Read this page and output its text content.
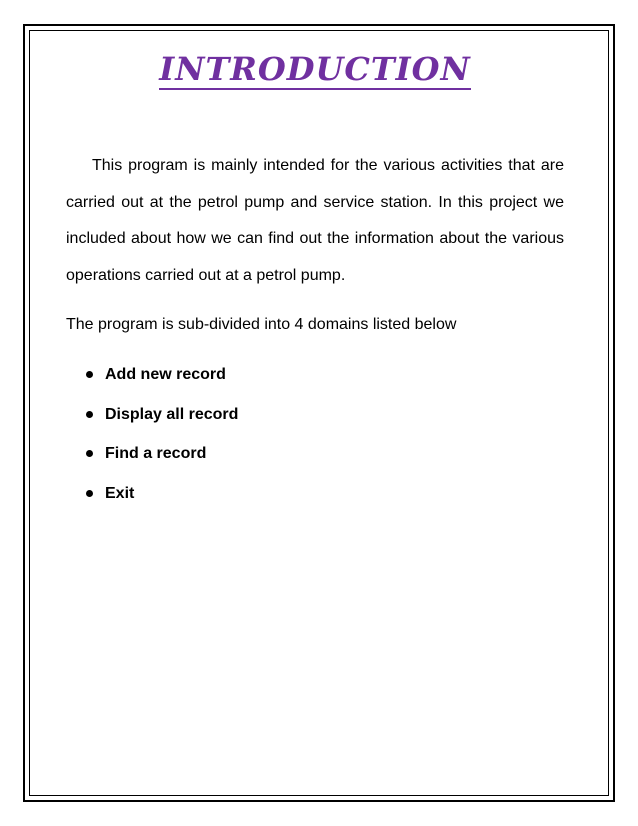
INTRODUCTION

This program is mainly intended for the various activities that are carried out at the petrol pump and service station. In this project we included about how we can find out the information about the various operations carried out at a petrol pump.

The program is sub-divided into 4 domains listed below

Add new record
Display all record
Find a record
Exit
